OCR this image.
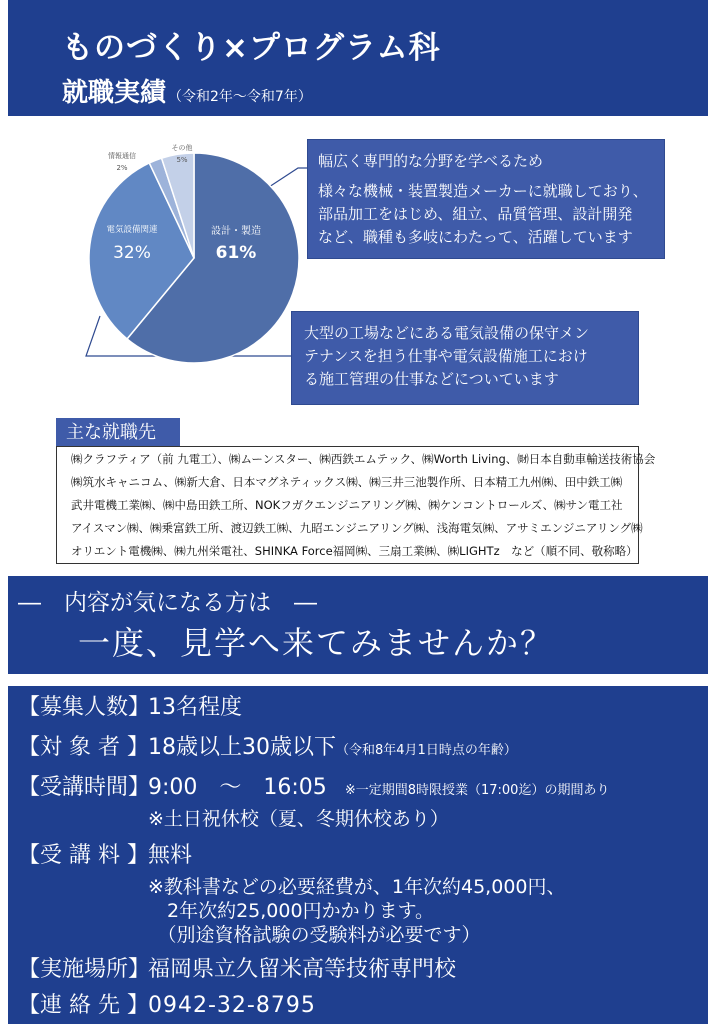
ものづくり×プログラム科
就職実績 （令和2年～令和7年）
設計・製造
61%
電気設備関連
32%
情報通信
2%
その他
5%	幅広く専門的な分野を学べるため
様々な機械・装置製造メーカーに就職しており、
部品加工をはじめ、組立、品質管理、設計開発
など、職種も多岐にわたって、活躍しています
大型の工場などにある電気設備の保守メン
テナンスを担う仕事や電気設備施工におけ
る施工管理の仕事などについています
主な就職先
㈱クラフティア（前 九電工）、㈱ムーンスター、㈱西鉄エムテック、㈱Worth Living、㈶日本自動車輸送技術協会
㈱筑水キャニコム、㈱新大倉、日本マグネティックス㈱、㈱三井三池製作所、日本精工九州㈱、田中鉄工㈱
武井電機工業㈱、㈱中島田鉄工所、NOKフガクエンジニアリング㈱、㈱ケンコントロールズ、㈱サン電工社
アイスマン㈱、㈱乗富鉄工所、渡辺鉄工㈱、九昭エンジニアリング㈱、浅海電気㈱、アサミエンジニアリング㈱
オリエント電機㈱、㈱九州栄電社、SHINKA Force福岡㈱、三扇工業㈱、㈱LIGHTz　など（順不同、敬称略）
―　内容が気になる方は　―
一度、見学へ来てみませんか？
【募集人数】13名程度
【対 象 者 】18歳以上30歳以下（令和8年4月1日時点の年齢）
【受講時間】9:00　～　16:05 ※一定期間8時限授業（17:00迄）の期間あり
※土日祝休校（夏、冬期休校あり）
【受 講 料 】無料
※教科書などの必要経費が、1年次約45,000円、
　2年次約25,000円かかります。
　（別途資格試験の受験料が必要です）
【実施場所】福岡県立久留米高等技術専門校
【連 絡 先 】0942-32-8795
